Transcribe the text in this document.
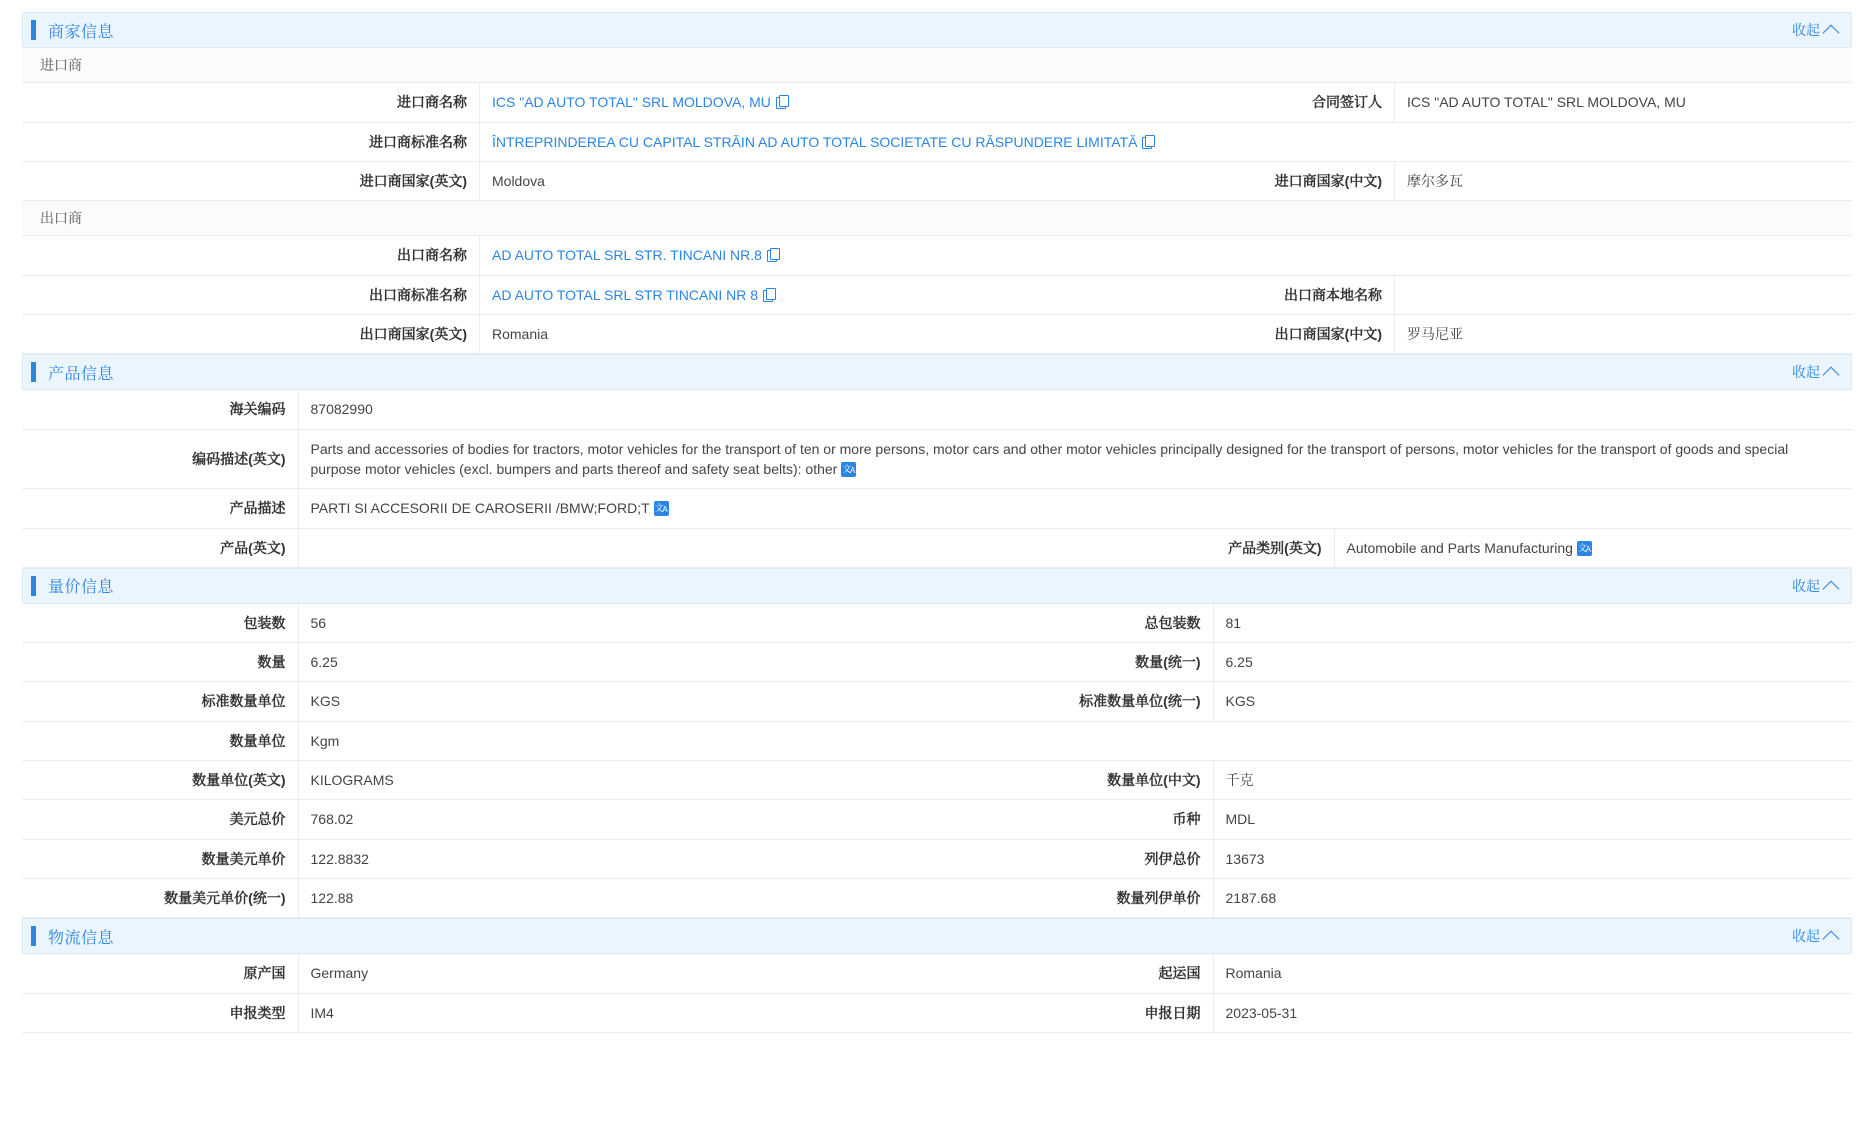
商家信息	收起
进口商			
进口商名称	ICS "AD AUTO TOTAL" SRL MOLDOVA, MU	合同签订人	ICS "AD AUTO TOTAL" SRL MOLDOVA, MU
进口商标准名称	ÎNTREPRINDEREA CU CAPITAL STRĂIN AD AUTO TOTAL SOCIETATE CU RĂSPUNDERE LIMITATĂ		
进口商国家(英文)	Moldova	进口商国家(中文)	摩尔多瓦
出口商			
出口商名称	AD AUTO TOTAL SRL STR. TINCANI NR.8		
出口商标准名称	AD AUTO TOTAL SRL STR TINCANI NR 8	出口商本地名称	
出口商国家(英文)	Romania	出口商国家(中文)	罗马尼亚
产品信息	收起
海关编码	87082990		
编码描述(英文)	Parts and accessories of bodies for tractors, motor vehicles for the transport of ten or more persons, motor cars and other motor vehicles principally designed for the transport of persons, motor vehicles for the transport of goods and special purpose motor vehicles (excl. bumpers and parts thereof and safety seat belts): other文 A
产品描述	PARTI SI ACCESORII DE CAROSERII /BMW;FORD;T文 A
产品(英文)		产品类别(英文)	Automobile and Parts Manufacturing文 A
量价信息	收起
包装数	56	总包装数	81
数量	6.25	数量(统一)	6.25
标准数量单位	KGS	标准数量单位(统一)	KGS
数量单位	Kgm		
数量单位(英文)	KILOGRAMS	数量单位(中文)	千克
美元总价	768.02	币种	MDL
数量美元单价	122.8832	列伊总价	13673
数量美元单价(统一)	122.88	数量列伊单价	2187.68
物流信息	收起
原产国	Germany	起运国	Romania
申报类型	IM4	申报日期	2023-05-31
